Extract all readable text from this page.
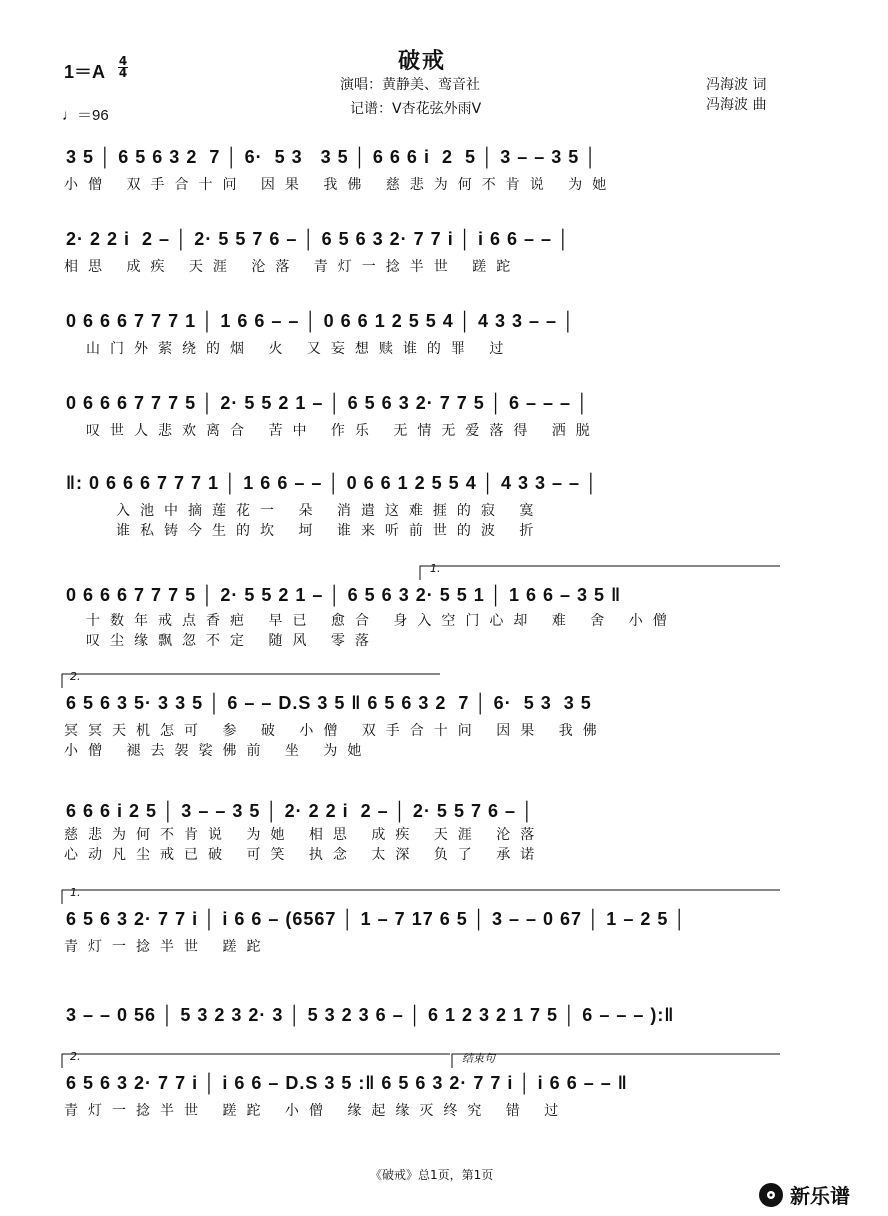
破戒
演唱：黄静美、鸾音社
记谱：V杏花弦外雨V
冯海波 词
冯海波 曲
1＝A
4
4
♩＝96
3 5 │ 6 5 6 3 2  7 │ 6·  5 3   3 5 │ 6 6 6 i  2  5 │ 3 – – 3 5 │
小僧 双手合十问 因果 我佛 慈悲为何不肯说 为她
2· 2 2 i  2 – │ 2· 5 5 7 6 – │ 6 5 6 3 2· 7 7 i │ i 6 6 – – │
相思 成疾 天涯 沦落 青灯一捻半世 蹉跎
0 6 6 6 7 7 7 1 │ 1 6 6 – – │ 0 6 6 1 2 5 5 4 │ 4 3 3 – – │
山门外萦绕的烟 火 又妄想赎谁的罪 过
0 6 6 6 7 7 7 5 │ 2· 5 5 2 1 – │ 6 5 6 3 2· 7 7 5 │ 6 – – – │
叹世人悲欢离合 苦中 作乐 无情无爱落得 洒脱
‖: 0 6 6 6 7 7 7 1 │ 1 6 6 – – │ 0 6 6 1 2 5 5 4 │ 4 3 3 – – │
入池中摘莲花一 朵 消遣这难捱的寂 寞
谁私铸今生的坎 坷 谁来听前世的波 折
0 6 6 6 7 7 7 5 │ 2· 5 5 2 1 – │ 6 5 6 3 2· 5 5 1 │ 1 6 6 – 3 5 ‖
十数年戒点香疤 早已 愈合 身入空门心却 难 舍 小僧
叹尘缘飘忽不定 随风 零落
6 5 6 3 5· 3 3 5 │ 6 – – D.S 3 5 ‖ 6 5 6 3 2  7 │ 6·  5 3  3 5
冥冥天机怎可 参 破 小僧 双手合十问 因果 我佛
小僧 褪去袈裟佛前 坐 为她
6 6 6 i 2 5 │ 3 – – 3 5 │ 2· 2 2 i  2 – │ 2· 5 5 7 6 – │
慈悲为何不肯说 为她 相思 成疾 天涯 沦落
心动凡尘戒已破 可笑 执念 太深 负了 承诺
6 5 6 3 2· 7 7 i │ i 6 6 – (6567 │ 1 – 7 17 6 5 │ 3 – – 0 67 │ 1 – 2 5 │
青灯一捻半世 蹉跎
3 – – 0 56 │ 5 3 2 3 2· 3 │ 5 3 2 3 6 – │ 6 1 2 3 2 1 7 5 │ 6 – – – ):‖
6 5 6 3 2· 7 7 i │ i 6 6 – D.S 3 5 :‖ 6 5 6 3 2· 7 7 i │ i 6 6 – – ‖
青灯一捻半世 蹉跎 小僧 缘起缘灭终究 错 过
1.
2.
1.
2.	结束句
《破戒》总1页，第1页
新乐谱
